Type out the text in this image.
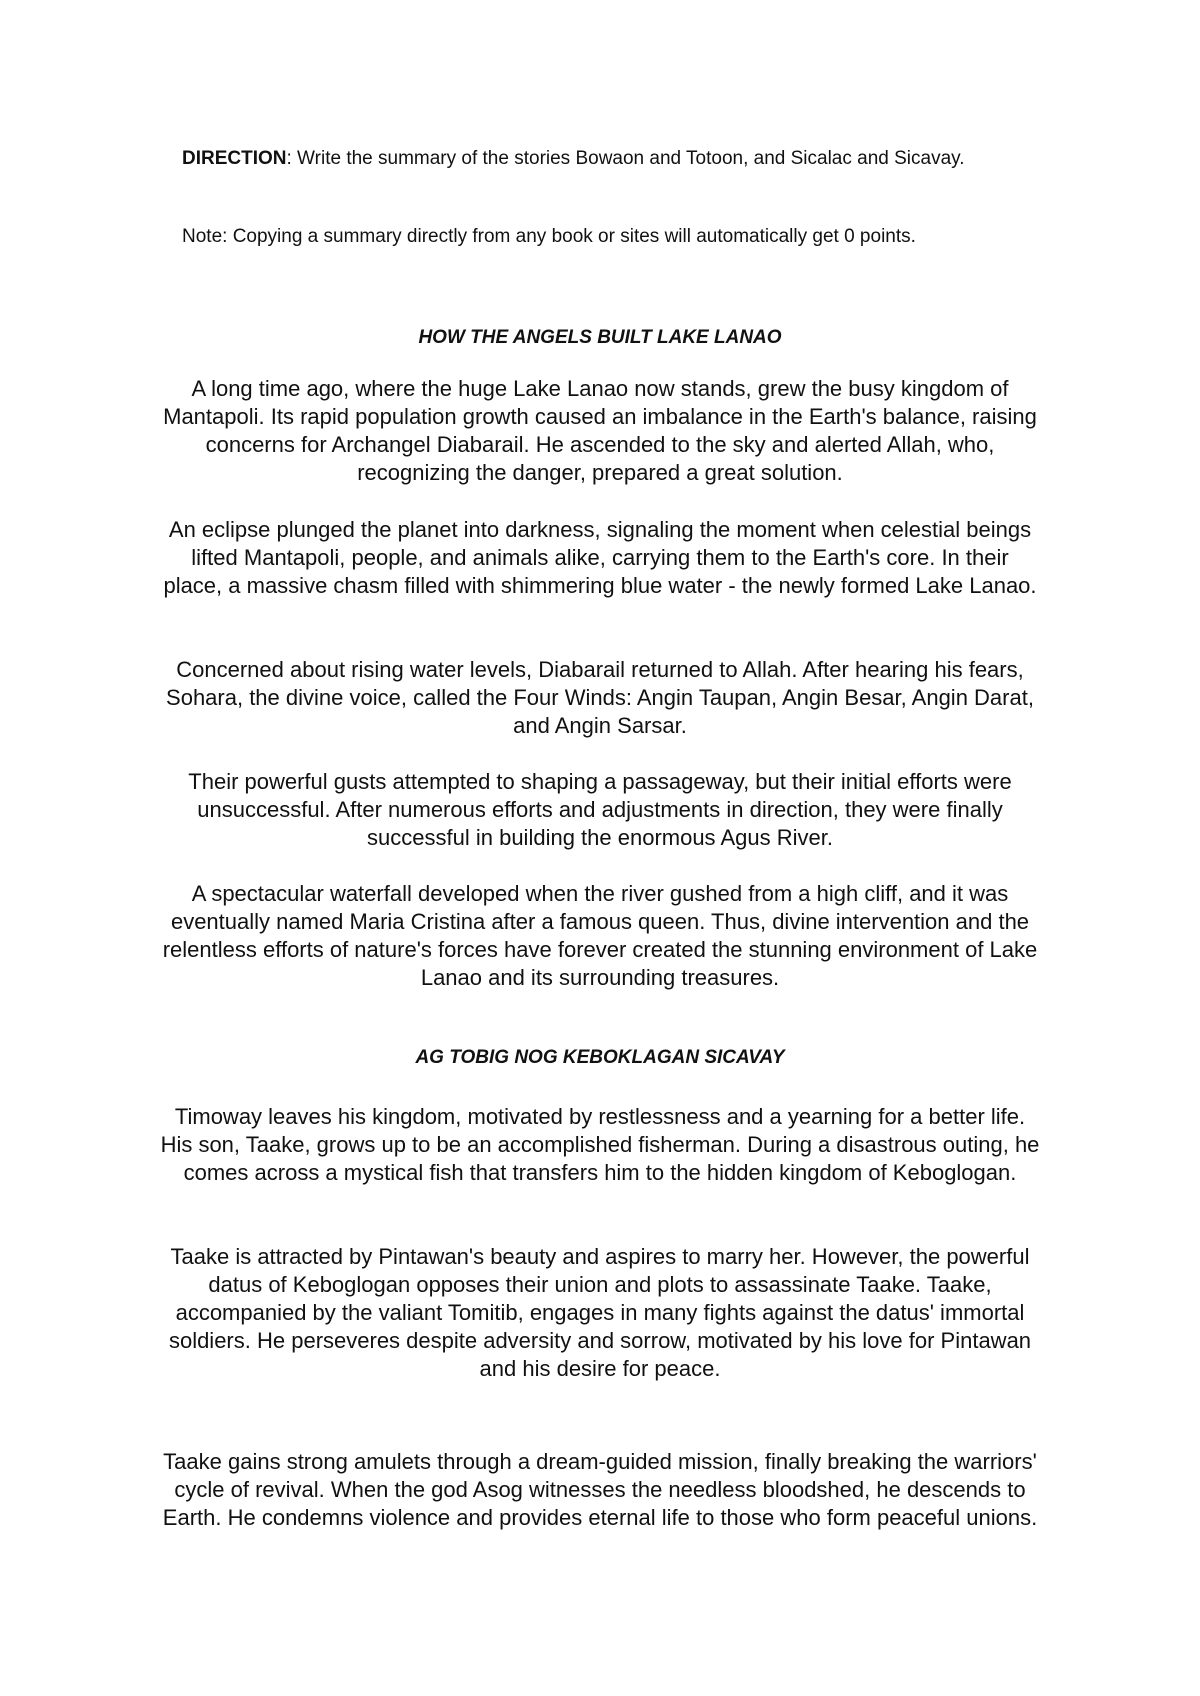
DIRECTION: Write the summary of the stories Bowaon and Totoon, and Sicalac and Sicavay.
Note: Copying a summary directly from any book or sites will automatically get 0 points.
HOW THE ANGELS BUILT LAKE LANAO

A long time ago, where the huge Lake Lanao now stands, grew the busy kingdom of Mantapoli. Its rapid population growth caused an imbalance in the Earth's balance, raising concerns for Archangel Diabarail. He ascended to the sky and alerted Allah, who, recognizing the danger, prepared a great solution.

An eclipse plunged the planet into darkness, signaling the moment when celestial beings lifted Mantapoli, people, and animals alike, carrying them to the Earth's core. In their place, a massive chasm filled with shimmering blue water - the newly formed Lake Lanao.

Concerned about rising water levels, Diabarail returned to Allah. After hearing his fears, Sohara, the divine voice, called the Four Winds: Angin Taupan, Angin Besar, Angin Darat, and Angin Sarsar.

Their powerful gusts attempted to shaping a passageway, but their initial efforts were unsuccessful. After numerous efforts and adjustments in direction, they were finally successful in building the enormous Agus River.

A spectacular waterfall developed when the river gushed from a high cliff, and it was eventually named Maria Cristina after a famous queen. Thus, divine intervention and the relentless efforts of nature's forces have forever created the stunning environment of Lake Lanao and its surrounding treasures.

AG TOBIG NOG KEBOKLAGAN SICAVAY

Timoway leaves his kingdom, motivated by restlessness and a yearning for a better life. His son, Taake, grows up to be an accomplished fisherman. During a disastrous outing, he comes across a mystical fish that transfers him to the hidden kingdom of Keboglogan.

Taake is attracted by Pintawan's beauty and aspires to marry her. However, the powerful datus of Keboglogan opposes their union and plots to assassinate Taake. Taake, accompanied by the valiant Tomitib, engages in many fights against the datus' immortal soldiers. He perseveres despite adversity and sorrow, motivated by his love for Pintawan and his desire for peace.

Taake gains strong amulets through a dream-guided mission, finally breaking the warriors' cycle of revival. When the god Asog witnesses the needless bloodshed, he descends to Earth. He condemns violence and provides eternal life to those who form peaceful unions.
